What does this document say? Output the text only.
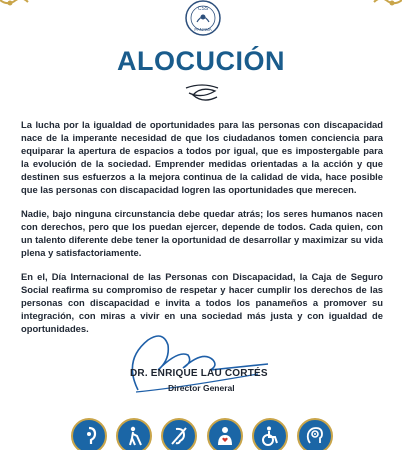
CSS
PANAMA
ALOCUCIÓN

La lucha por la igualdad de oportunidades para las personas con discapacidad nace de la imperante necesidad de que los ciudadanos tomen conciencia para equiparar la apertura de espacios a todos por igual, que es impostergable para la evolución de la sociedad. Emprender medidas orientadas a la acción y que destinen sus esfuerzos a la mejora continua de la calidad de vida, hace posible que las personas con discapacidad logren las oportunidades que merecen.

Nadie, bajo ninguna circunstancia debe quedar atrás; los seres humanos nacen con derechos, pero que los puedan ejercer, depende de todos. Cada quien, con un talento diferente debe tener la oportunidad de desarrollar y maximizar su vida plena y satisfactoriamente.

En el, Día Internacional de las Personas con Discapacidad, la Caja de Seguro Social reafirma su compromiso de respetar y hacer cumplir los derechos de las personas con discapacidad e invita a todos los panameños a promover su integración, con miras a vivir en una sociedad más justa y con igualdad de oportunidades.

DR. ENRIQUE LAU CORTÉS
Director General
